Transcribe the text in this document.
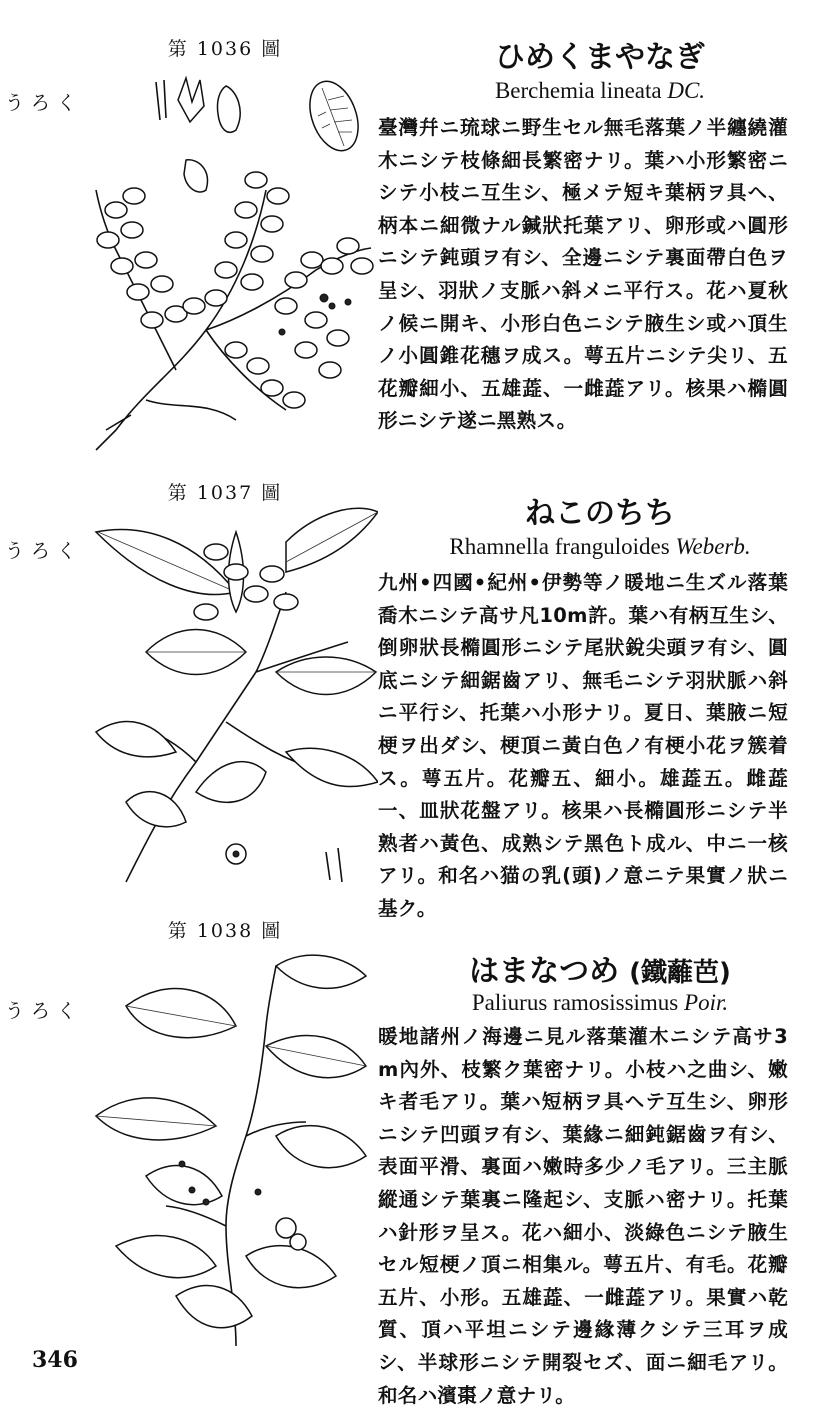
第 1036 圖
くろう
ひめくまやなぎ
Berchemia lineata DC.
臺灣幷ニ琉球ニ野生セル無毛落葉ノ半纏繞灌木ニシテ枝條細長繁密ナリ。葉ハ小形繁密ニシテ小枝ニ互生シ、極メテ短キ葉柄ヲ具ヘ、柄本ニ細微ナル鍼狀托葉アリ、卵形或ハ圓形ニシテ鈍頭ヲ有シ、全邊ニシテ裏面帶白色ヲ呈シ、羽狀ノ支脈ハ斜メニ平行ス。花ハ夏秋ノ候ニ開キ、小形白色ニシテ腋生シ或ハ頂生ノ小圓錐花穗ヲ成ス。萼五片ニシテ尖リ、五花瓣細小、五雄蕋、一雌蕋アリ。核果ハ橢圓形ニシテ遂ニ黑熟ス。
第 1037 圖
くろう
ねこのちち
Rhamnella franguloides Weberb.
九州•四國•紀州•伊勢等ノ暖地ニ生ズル落葉喬木ニシテ高サ凡10m許。葉ハ有柄互生シ、倒卵狀長橢圓形ニシテ尾狀銳尖頭ヲ有シ、圓底ニシテ細鋸齒アリ、無毛ニシテ羽狀脈ハ斜ニ平行シ、托葉ハ小形ナリ。夏日、葉腋ニ短梗ヲ出ダシ、梗頂ニ黃白色ノ有梗小花ヲ簇着ス。萼五片。花瓣五、細小。雄蕋五。雌蕋一、皿狀花盤アリ。核果ハ長橢圓形ニシテ半熟者ハ黃色、成熟シテ黑色ト成ル、中ニ一核アリ。和名ハ猫の乳(頭)ノ意ニテ果實ノ狀ニ基ク。
第 1038 圖
くろう
はまなつめ (鐵蘺芭)
Paliurus ramosissimus Poir.
暖地諸州ノ海邊ニ見ル落葉灌木ニシテ高サ3m內外、枝繁ク葉密ナリ。小枝ハ之曲シ、嫩キ者毛アリ。葉ハ短柄ヲ具ヘテ互生シ、卵形ニシテ凹頭ヲ有シ、葉緣ニ細鈍鋸齒ヲ有シ、表面平滑、裏面ハ嫩時多少ノ毛アリ。三主脈縱通シテ葉裏ニ隆起シ、支脈ハ密ナリ。托葉ハ針形ヲ呈ス。花ハ細小、淡綠色ニシテ腋生セル短梗ノ頂ニ相集ル。萼五片、有毛。花瓣五片、小形。五雄蕋、一雌蕋アリ。果實ハ乾質、頂ハ平坦ニシテ邊緣薄クシテ三耳ヲ成シ、半球形ニシテ開裂セズ、面ニ細毛アリ。和名ハ濱棗ノ意ナリ。
346
